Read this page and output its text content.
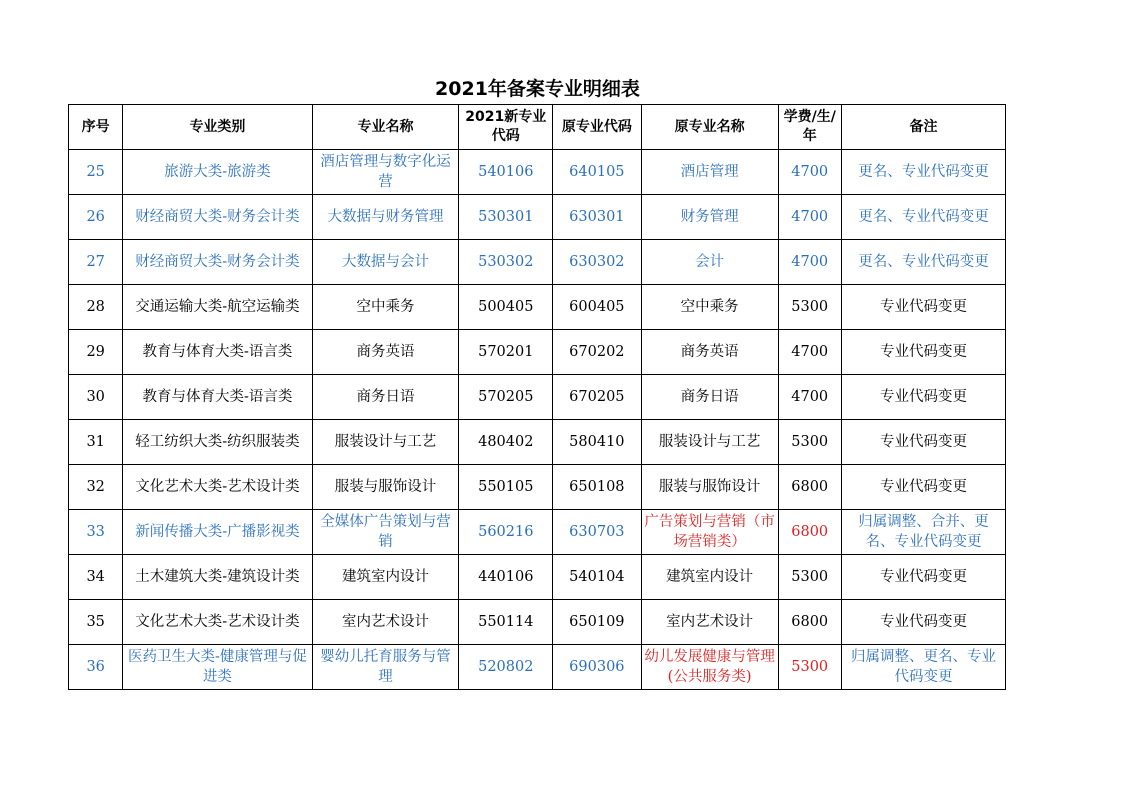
2021年备案专业明细表
序号	专业类别	专业名称	2021新专业代码	原专业代码	原专业名称	学费/生/年	备注
25	旅游大类-旅游类	酒店管理与数字化运营	540106	640105	酒店管理	4700	更名、专业代码变更
26	财经商贸大类-财务会计类	大数据与财务管理	530301	630301	财务管理	4700	更名、专业代码变更
27	财经商贸大类-财务会计类	大数据与会计	530302	630302	会计	4700	更名、专业代码变更
28	交通运输大类-航空运输类	空中乘务	500405	600405	空中乘务	5300	专业代码变更
29	教育与体育大类-语言类	商务英语	570201	670202	商务英语	4700	专业代码变更
30	教育与体育大类-语言类	商务日语	570205	670205	商务日语	4700	专业代码变更
31	轻工纺织大类-纺织服装类	服装设计与工艺	480402	580410	服装设计与工艺	5300	专业代码变更
32	文化艺术大类-艺术设计类	服装与服饰设计	550105	650108	服装与服饰设计	6800	专业代码变更
33	新闻传播大类-广播影视类	全媒体广告策划与营销	560216	630703	广告策划与营销（市场营销类）	6800	归属调整、合并、更名、专业代码变更
34	土木建筑大类-建筑设计类	建筑室内设计	440106	540104	建筑室内设计	5300	专业代码变更
35	文化艺术大类-艺术设计类	室内艺术设计	550114	650109	室内艺术设计	6800	专业代码变更
36	医药卫生大类-健康管理与促进类	婴幼儿托育服务与管理	520802	690306	幼儿发展健康与管理(公共服务类)	5300	归属调整、更名、专业代码变更
